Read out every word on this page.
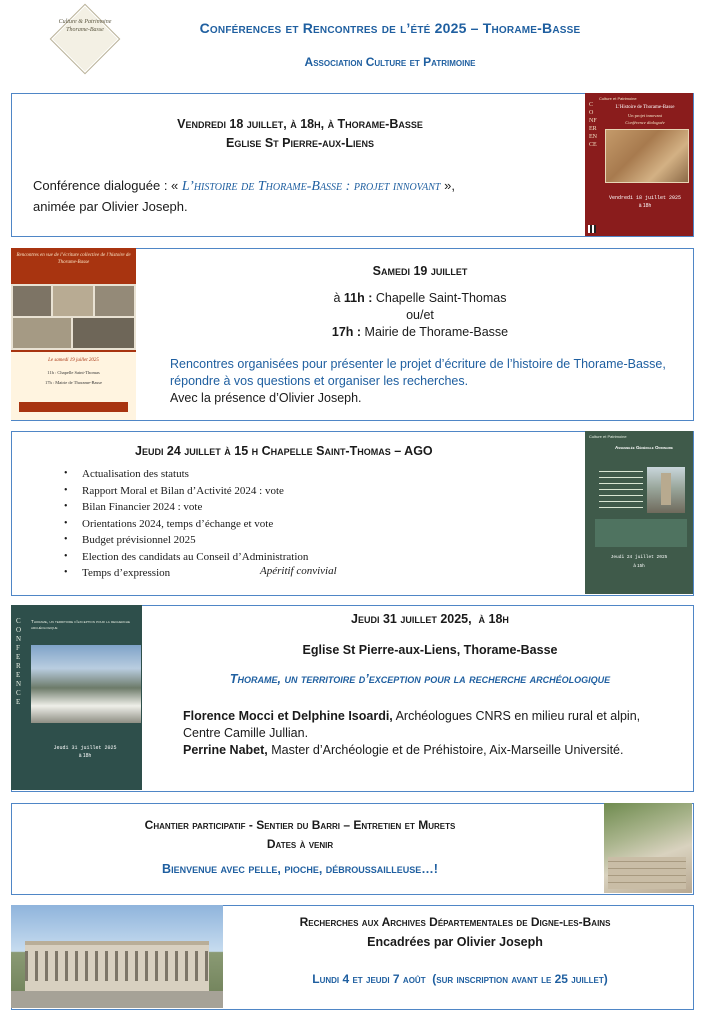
Culture & Patrimoine Thorame-Basse	Conférences et Rencontres de l’été 2025 – Thorame-Basse
Association Culture et Patrimoine
Vendredi 18 juillet, à 18h, à Thorame-Basse
Eglise St Pierre-aux-Liens
Conférence dialoguée : « L’histoire de Thorame-Basse : projet innovant »,
animée par Olivier Joseph.
CONFERENCE
Culture et Patrimoine
L’Histoire de Thorame-Basse
Un projet innovant
Conférence dialoguée
Vendredi 18 juillet 2025
à 18h
Rencontres en vue de l’écriture collective de l’histoire de Thorame-Basse
Le samedi 19 juillet 2025
11h : Chapelle Saint-Thomas
17h : Mairie de Thorame-Basse
Samedi 19 juillet
à 11h : Chapelle Saint-Thomas
ou/et
17h : Mairie de Thorame-Basse
Rencontres organisées pour présenter le projet d’écriture de l’histoire de Thorame-Basse, répondre à vos questions et organiser les recherches.
Avec la présence d’Olivier Joseph.
Jeudi 24 juillet à 15 h Chapelle Saint-Thomas – AGO
• Actualisation des statuts
• Rapport Moral et Bilan d’Activité 2024 : vote
• Bilan Financier 2024 : vote
• Orientations 2024, temps d’échange et vote
• Budget prévisionnel 2025
• Election des candidats au Conseil d’Administration
• Temps d’expression	Apéritif convivial
Culture et Patrimoine
Assemblée Générale Ordinaire
Jeudi 24 juillet 2025
à 15h
CONFERENCE
Thorame, un territoire d’exception pour la recherche archéologique
Jeudi 31 juillet 2025
à 18h
Jeudi 31 juillet 2025,  à 18h
Eglise St Pierre-aux-Liens, Thorame-Basse
Thorame, un territoire d’exception pour la recherche archéologique
Florence Mocci et Delphine Isoardi, Archéologues CNRS en milieu rural et alpin, Centre Camille Jullian.
Perrine Nabet, Master d’Archéologie et de Préhistoire, Aix-Marseille Université.
Chantier participatif - Sentier du Barri – Entretien et Murets
Dates à venir
Bienvenue avec pelle, pioche, débroussailleuse…!
Recherches aux Archives Départementales de Digne-les-Bains
Encadrées par Olivier Joseph
Lundi 4 et jeudi 7 août  (sur inscription avant le 25 juillet)
